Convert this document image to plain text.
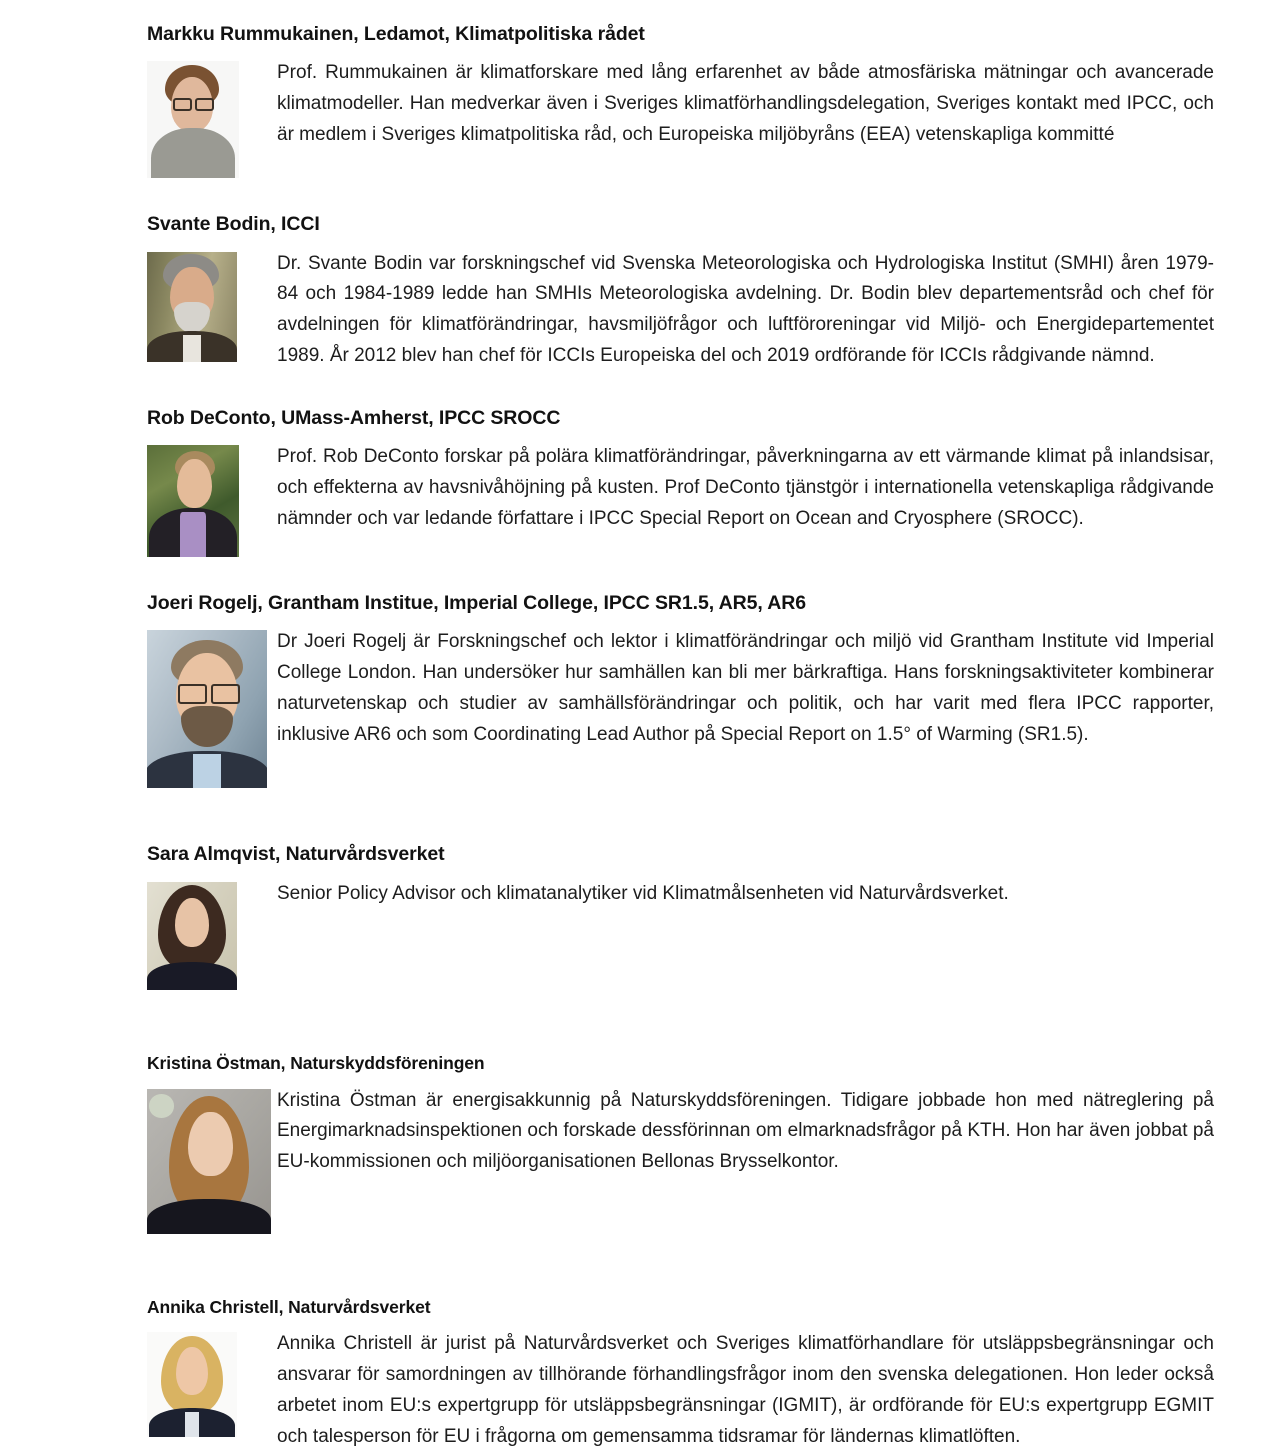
Markku Rummukainen, Ledamot, Klimatpolitiska rådet

Prof. Rummukainen är klimatforskare med lång erfarenhet av både atmosfäriska mätningar och avancerade klimatmodeller. Han medverkar även i Sveriges klimatförhandlingsdelegation, Sveriges kontakt med IPCC, och är medlem i Sveriges klimatpolitiska råd, och Europeiska miljöbyråns (EEA) vetenskapliga kommitté

Svante Bodin, ICCI

Dr. Svante Bodin var forskningschef vid Svenska Meteorologiska och Hydrologiska Institut (SMHI) åren 1979-84 och 1984-1989 ledde han SMHIs Meteorologiska avdelning. Dr. Bodin blev departementsråd och chef för avdelningen för klimatförändringar, havsmiljöfrågor och luftföroreningar vid Miljö- och Energidepartementet 1989. År 2012 blev han chef för ICCIs Europeiska del och 2019 ordförande för ICCIs rådgivande nämnd.

Rob DeConto, UMass-Amherst, IPCC SROCC

Prof. Rob DeConto forskar på polära klimatförändringar, påverkningarna av ett värmande klimat på inlandsisar, och effekterna av havsnivåhöjning på kusten. Prof DeConto tjänstgör i internationella vetenskapliga rådgivande nämnder och var ledande författare i IPCC Special Report on Ocean and Cryosphere (SROCC).

Joeri Rogelj, Grantham Institue, Imperial College, IPCC SR1.5, AR5, AR6

Dr Joeri Rogelj är Forskningschef och lektor i klimatförändringar och miljö vid Grantham Institute vid Imperial College London. Han undersöker hur samhällen kan bli mer bärkraftiga. Hans forskningsaktiviteter kombinerar naturvetenskap och studier av samhällsförändringar och politik, och har varit med flera IPCC rapporter, inklusive AR6 och som Coordinating Lead Author på Special Report on 1.5° of Warming (SR1.5).

Sara Almqvist, Naturvårdsverket

Senior Policy Advisor och klimatanalytiker vid Klimatmålsenheten vid Naturvårdsverket.

Kristina Östman, Naturskyddsföreningen

Kristina Östman är energisakkunnig på Naturskyddsföreningen. Tidigare jobbade hon med nätreglering på Energimarknadsinspektionen och forskade dessförinnan om elmarknadsfrågor på KTH. Hon har även jobbat på EU-kommissionen och miljöorganisationen Bellonas Brysselkontor.

Annika Christell, Naturvårdsverket

Annika Christell är jurist på Naturvårdsverket och Sveriges klimatförhandlare för utsläppsbegränsningar och ansvarar för samordningen av tillhörande förhandlingsfrågor inom den svenska delegationen. Hon leder också arbetet inom EU:s expertgrupp för utsläppsbegränsningar (IGMIT), är ordförande för EU:s expertgrupp EGMIT och talesperson för EU i frågorna om gemensamma tidsramar för ländernas klimatlöften.
